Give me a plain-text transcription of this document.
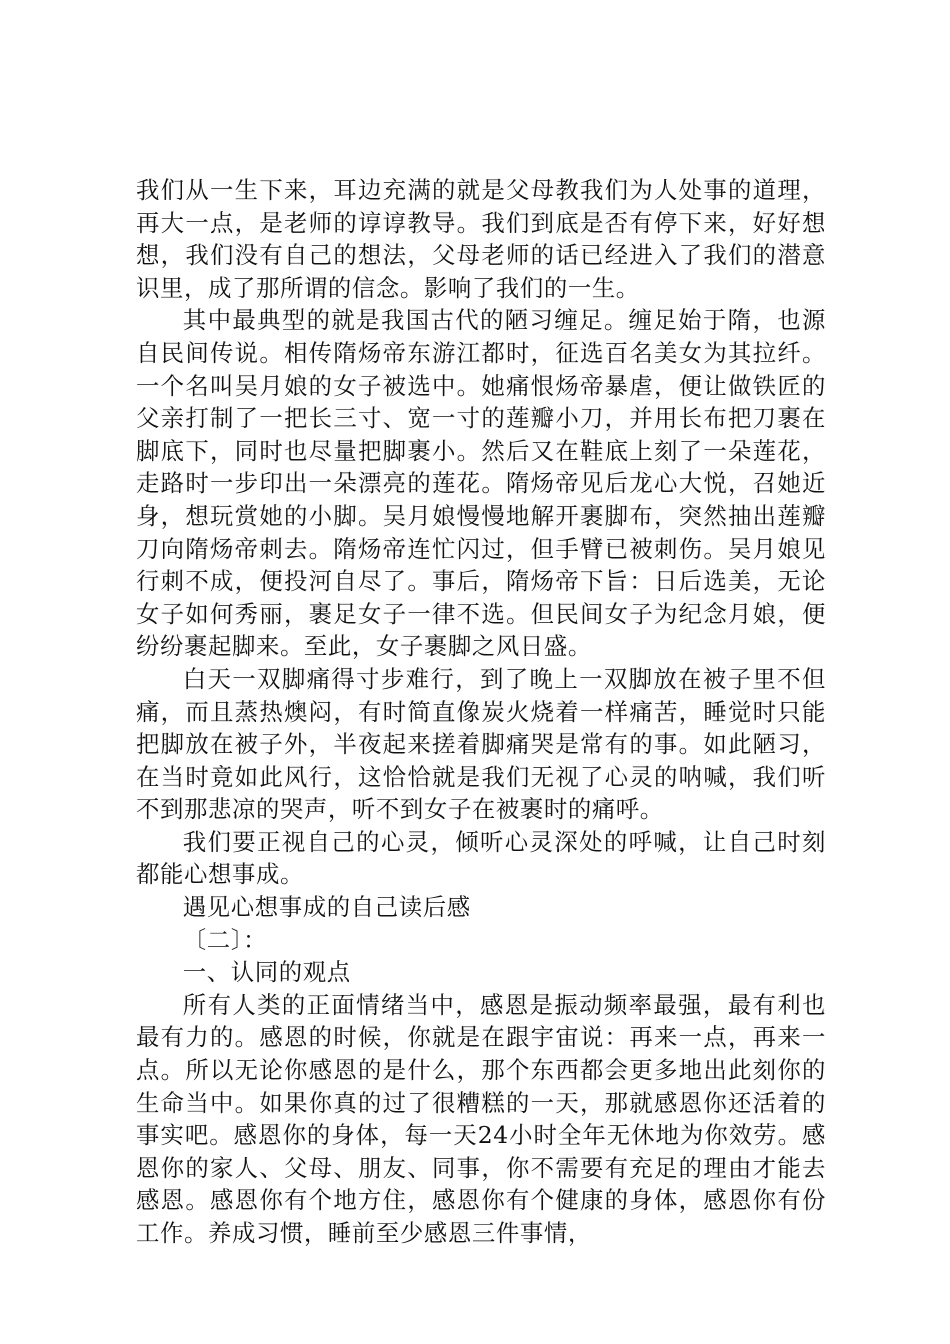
我们从一生下来，耳边充满的就是父母教我们为人处事的道理，再大一点，是老师的谆谆教导。我们到底是否有停下来，好好想想，我们没有自己的想法，父母老师的话已经进入了我们的潜意识里，成了那所谓的信念。影响了我们的一生。

其中最典型的就是我国古代的陋习缠足。缠足始于隋，也源自民间传说。相传隋炀帝东游江都时，征选百名美女为其拉纤。一个名叫吴月娘的女子被选中。她痛恨炀帝暴虐，便让做铁匠的父亲打制了一把长三寸、宽一寸的莲瓣小刀，并用长布把刀裹在脚底下，同时也尽量把脚裹小。然后又在鞋底上刻了一朵莲花，走路时一步印出一朵漂亮的莲花。隋炀帝见后龙心大悦，召她近身，想玩赏她的小脚。吴月娘慢慢地解开裹脚布，突然抽出莲瓣刀向隋炀帝刺去。隋炀帝连忙闪过，但手臂已被刺伤。吴月娘见行刺不成，便投河自尽了。事后，隋炀帝下旨：日后选美，无论女子如何秀丽，裹足女子一律不选。但民间女子为纪念月娘，便纷纷裹起脚来。至此，女子裹脚之风日盛。

白天一双脚痛得寸步难行，到了晚上一双脚放在被子里不但痛，而且蒸热燠闷，有时简直像炭火烧着一样痛苦，睡觉时只能把脚放在被子外，半夜起来搓着脚痛哭是常有的事。如此陋习，在当时竟如此风行，这恰恰就是我们无视了心灵的呐喊，我们听不到那悲凉的哭声，听不到女子在被裹时的痛呼。

我们要正视自己的心灵，倾听心灵深处的呼喊，让自己时刻都能心想事成。

遇见心想事成的自己读后感

〔二〕：

一、认同的观点

所有人类的正面情绪当中，感恩是振动频率最强，最有利也最有力的。感恩的时候，你就是在跟宇宙说：再来一点，再来一点。所以无论你感恩的是什么，那个东西都会更多地出此刻你的生命当中。如果你真的过了很糟糕的一天，那就感恩你还活着的事实吧。感恩你的身体，每一天24小时全年无休地为你效劳。感恩你的家人、父母、朋友、同事，你不需要有充足的理由才能去感恩。感恩你有个地方住，感恩你有个健康的身体，感恩你有份工作。养成习惯，睡前至少感恩三件事情，
